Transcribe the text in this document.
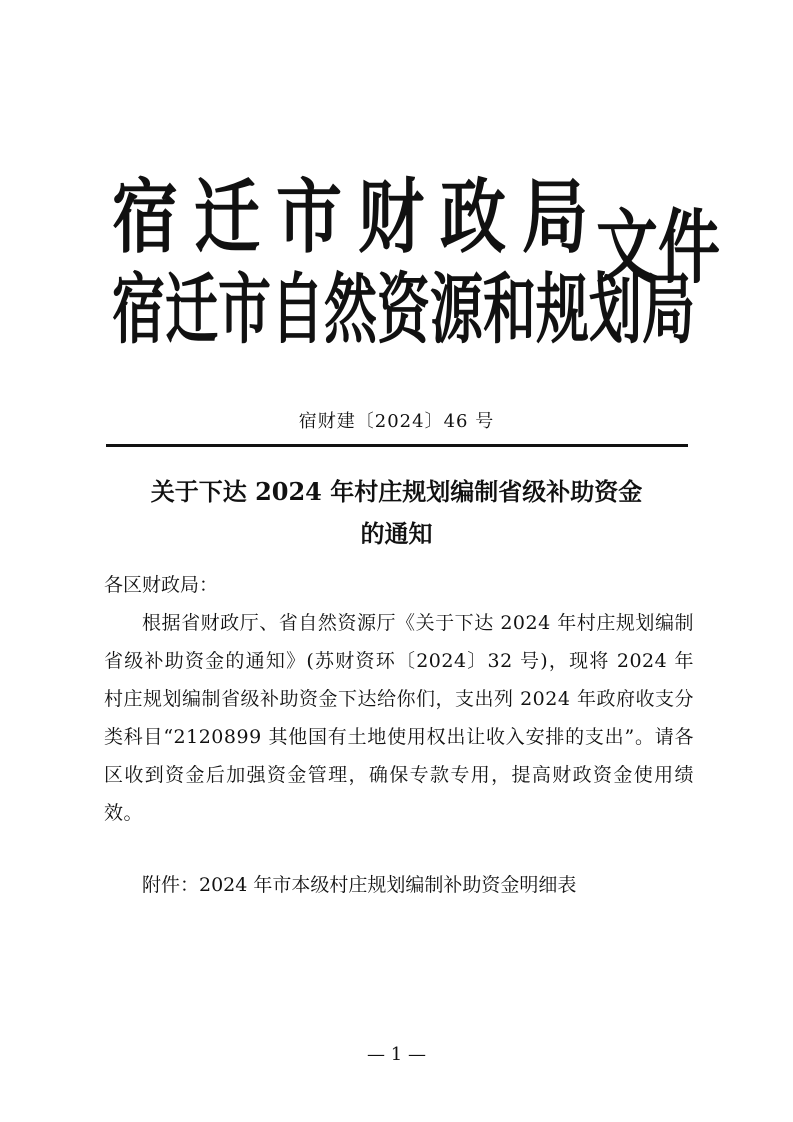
宿迁市财政局
宿迁市自然资源和规划局
文件
宿财建〔2024〕46 号
关于下达 2024 年村庄规划编制省级补助资金
的通知
各区财政局：
根据省财政厅、省自然资源厅《关于下达 2024 年村庄规划编制省级补助资金的通知》(苏财资环〔2024〕32 号)，现将 2024 年村庄规划编制省级补助资金下达给你们，支出列 2024 年政府收支分类科目“2120899 其他国有土地使用权出让收入安排的支出”。请各区收到资金后加强资金管理，确保专款专用，提高财政资金使用绩效。
附件：2024 年市本级村庄规划编制补助资金明细表
— 1 —
